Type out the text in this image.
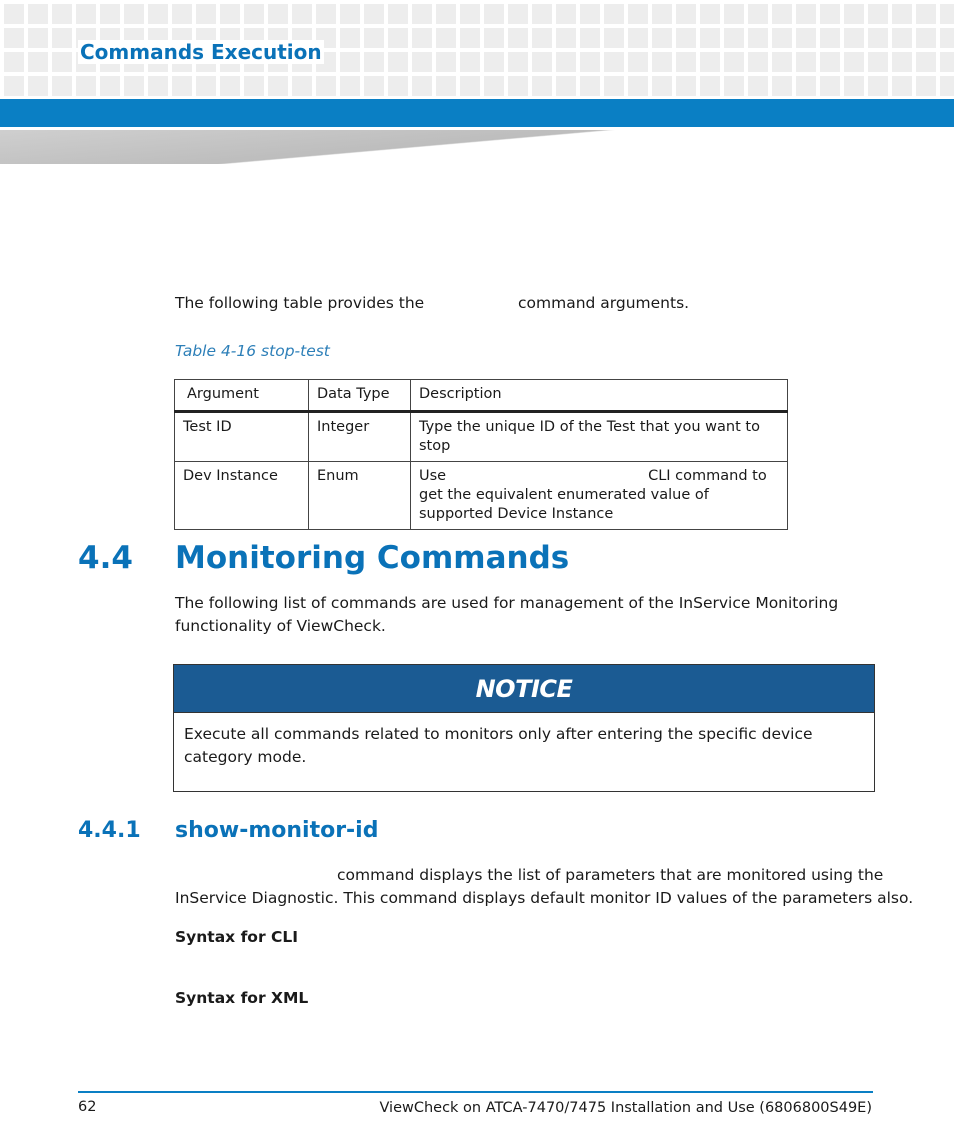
Commands Execution
The following table provides the	command arguments.
Table 4-16 stop-test
Argument	Data Type	Description
Test ID	Integer	Type the unique ID of the Test that you want to stop
Dev Instance	Enum	Use CLI command to get the equivalent enumerated value of supported Device Instance
4.4 Monitoring Commands
The following list of commands are used for management of the InService Monitoring functionality of ViewCheck.
NOTICE
Execute all commands related to monitors only after entering the specific device category mode.
4.4.1 show-monitor-id
command displays the list of parameters that are monitored using the
InService Diagnostic. This command displays default monitor ID values of the parameters also.
Syntax for CLI
Syntax for XML
62	ViewCheck on ATCA-7470/7475 Installation and Use (6806800S49E)
